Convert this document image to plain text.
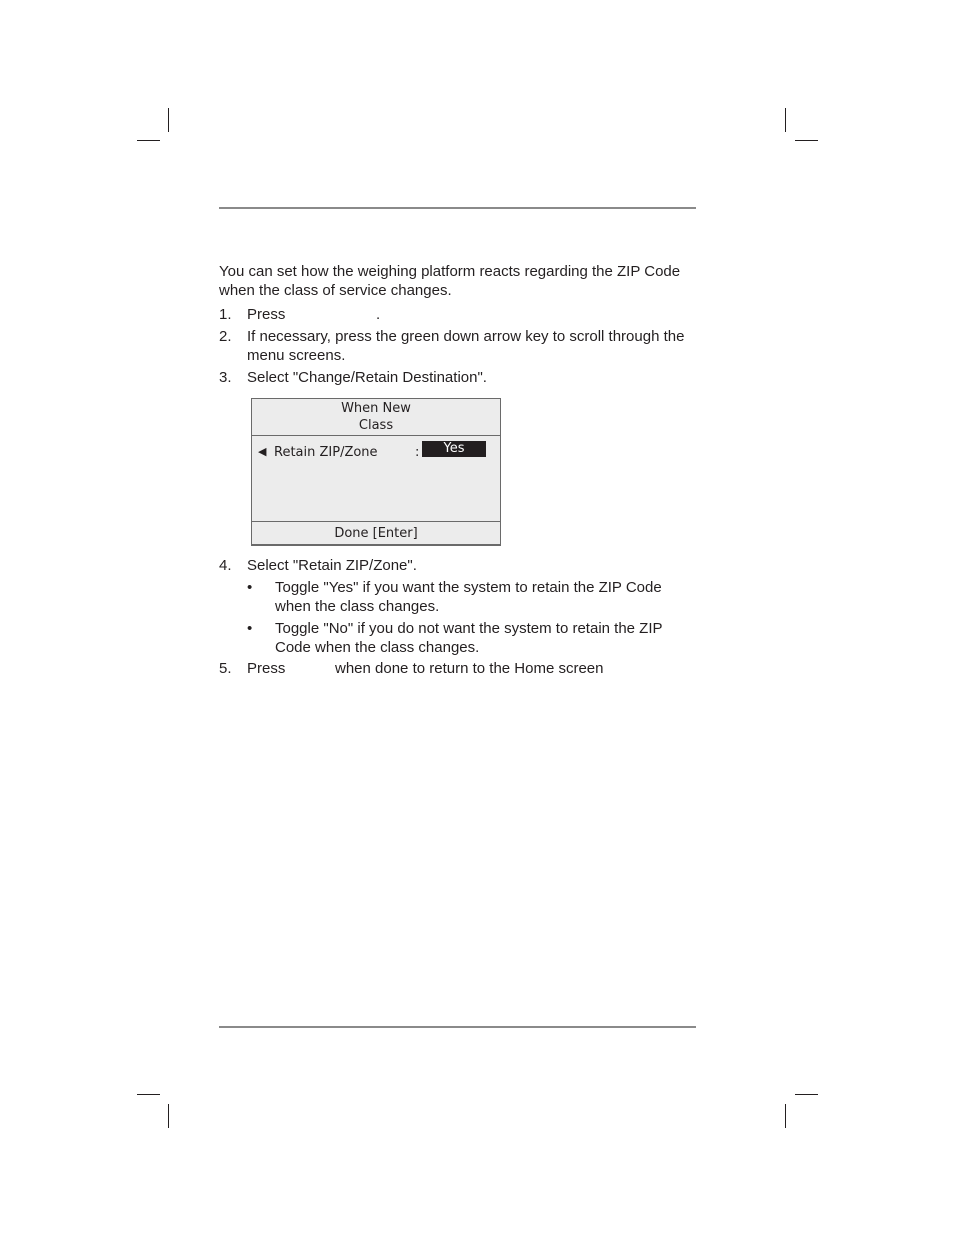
You can set how the weighing platform reacts regarding the ZIP Code when the class of service changes.
1.	Press	.
2.	If necessary, press the green down arrow key to scroll through the menu screens.
3.	Select "Change/Retain Destination".
When New
Class
◀ Retain ZIP/Zone	:	Yes
Done [Enter]
4.	Select "Retain ZIP/Zone".
• Toggle "Yes" if you want the system to retain the ZIP Code when the class changes.
• Toggle "No" if you do not want the system to retain the ZIP Code when the class changes.
5.	Press	when done to return to the Home screen
